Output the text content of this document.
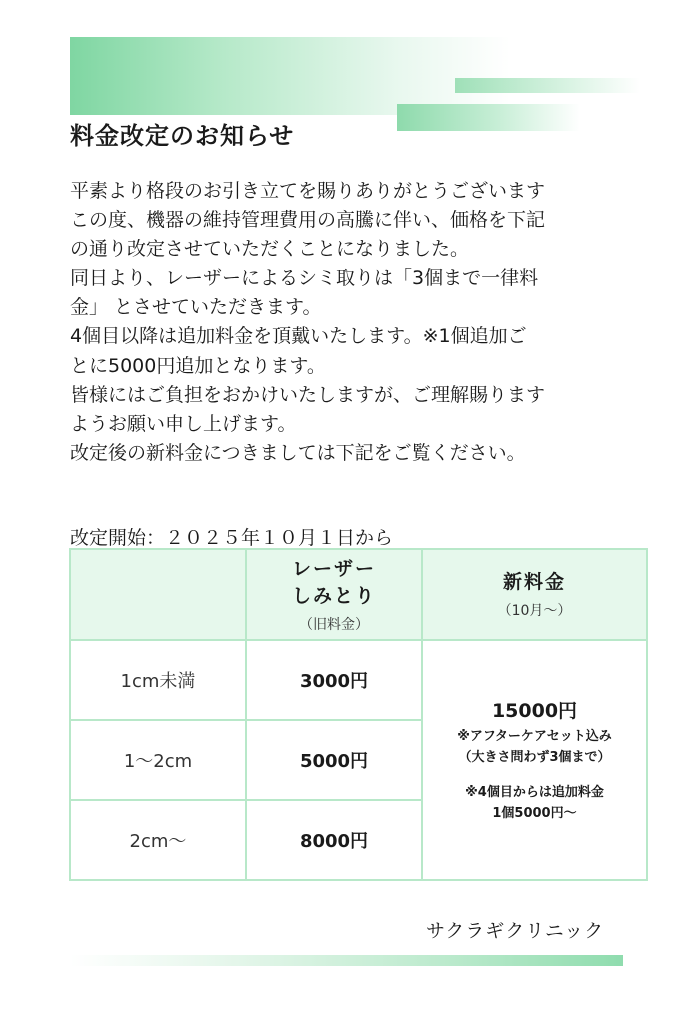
料金改定のお知らせ
平素より格段のお引き立てを賜りありがとうございます
この度、機器の維持管理費用の高騰に伴い、価格を下記
の通り改定させていただくことになりました。
同日より、レーザーによるシミ取りは「3個まで一律料
金」 とさせていただきます。
4個目以降は追加料金を頂戴いたします。※1個追加ご
とに5000円追加となります。
皆様にはご負担をおかけいたしますが、ご理解賜ります
ようお願い申し上げます。
改定後の新料金につきましては下記をご覧ください。
改定開始：２０２５年１０月１日から

	レーザー
しみとり
（旧料金）	新料金
（10月～）

1cm未満	3000円	15000円
※アフターケアセット込み
（大きさ問わず3個まで）
※4個目からは追加料金
1個5000円～

1～2cm	5000円	
2cm～	8000円	
サクラギクリニック
